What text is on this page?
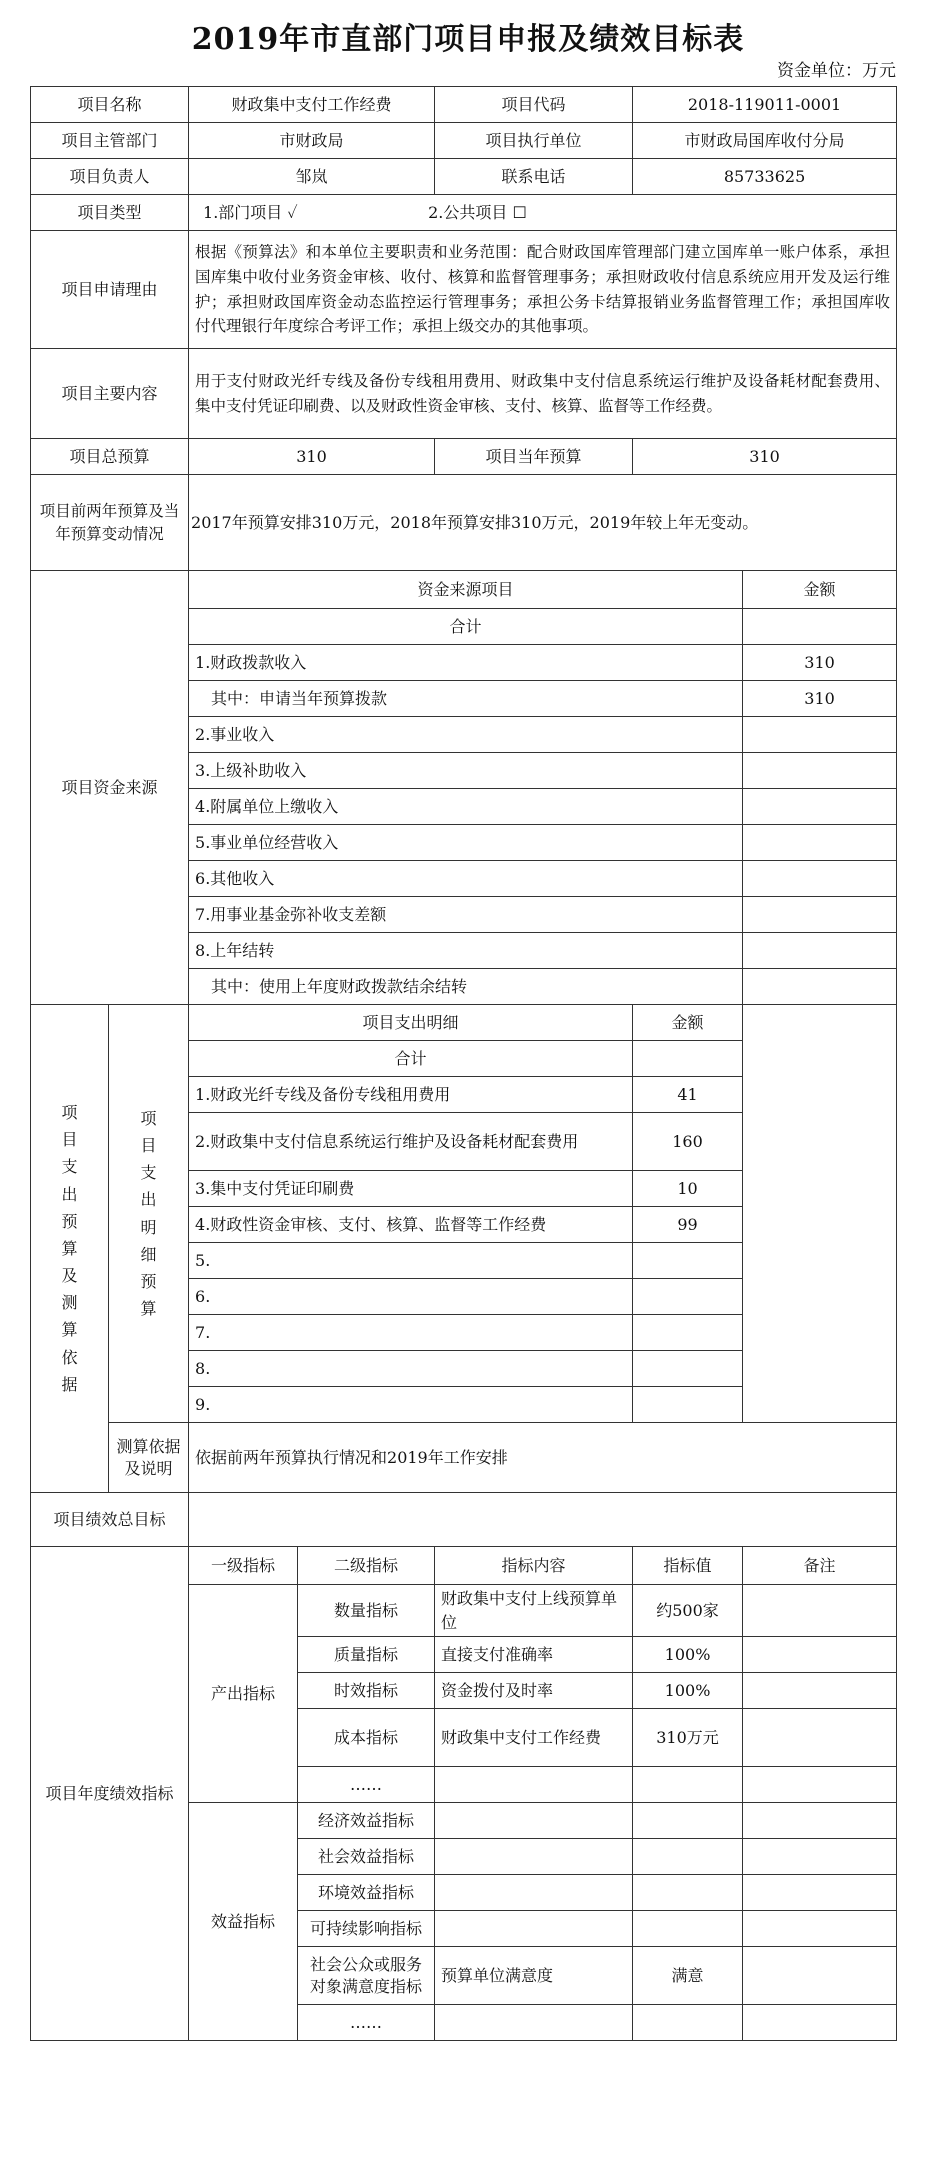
2019年市直部门项目申报及绩效目标表
资金单位：万元
项目名称		财政集中支付工作经费		项目代码	2018-119011-0001	
项目主管部门		市财政局		项目执行单位	市财政局国库收付分局	
项目负责人		邹岚		联系电话	85733625	
项目类型		1.部门项目 ✓ 2.公共项目 ☐				
项目申请理由		根据《预算法》和本单位主要职责和业务范围：配合财政国库管理部门建立国库单一账户体系，承担国库集中收付业务资金审核、收付、核算和监督管理事务；承担财政收付信息系统应用开发及运行维护；承担财政国库资金动态监控运行管理事务；承担公务卡结算报销业务监督管理工作；承担国库收付代理银行年度综合考评工作；承担上级交办的其他事项。				
项目主要内容		用于支付财政光纤专线及备份专线租用费用、财政集中支付信息系统运行维护及设备耗材配套费用、集中支付凭证印刷费、以及财政性资金审核、支付、核算、监督等工作经费。				
项目总预算		310		项目当年预算	310	
项目前两年预算及当年预算变动情况		2017年预算安排310万元，2018年预算安排310万元，2019年较上年无变动。				
项目资金来源		资金来源项目				金额
		合计				
		1.财政拨款收入				310
		其中：申请当年预算拨款				310
		2.事业收入				
		3.上级补助收入				
		4.附属单位上缴收入				
		5.事业单位经营收入				
		6.其他收入				
		7.用事业基金弥补收支差额				
		8.上年结转				
		其中：使用上年度财政拨款结余结转				
项目支出预算及测算依据	项目支出明细预算	项目支出明细			金额	
		合计				
		1.财政光纤专线及备份专线租用费用			41	
		2.财政集中支付信息系统运行维护及设备耗材配套费用			160	
		3.集中支付凭证印刷费			10	
		4.财政性资金审核、支付、核算、监督等工作经费			99	
		5.				
		6.				
		7.				
		8.				
		9.				
	测算依据及说明	依据前两年预算执行情况和2019年工作安排				
项目绩效总目标						
项目年度绩效指标		一级指标	二级指标	指标内容	指标值	备注
		产出指标	数量指标	财政集中支付上线预算单位	约500家	
			质量指标	直接支付准确率	100%	
			时效指标	资金拨付及时率	100%	
			成本指标	财政集中支付工作经费	310万元	
			……			
		效益指标	经济效益指标			
			社会效益指标			
			环境效益指标			
			可持续影响指标			
			社会公众或服务对象满意度指标	预算单位满意度	满意	
			……			
